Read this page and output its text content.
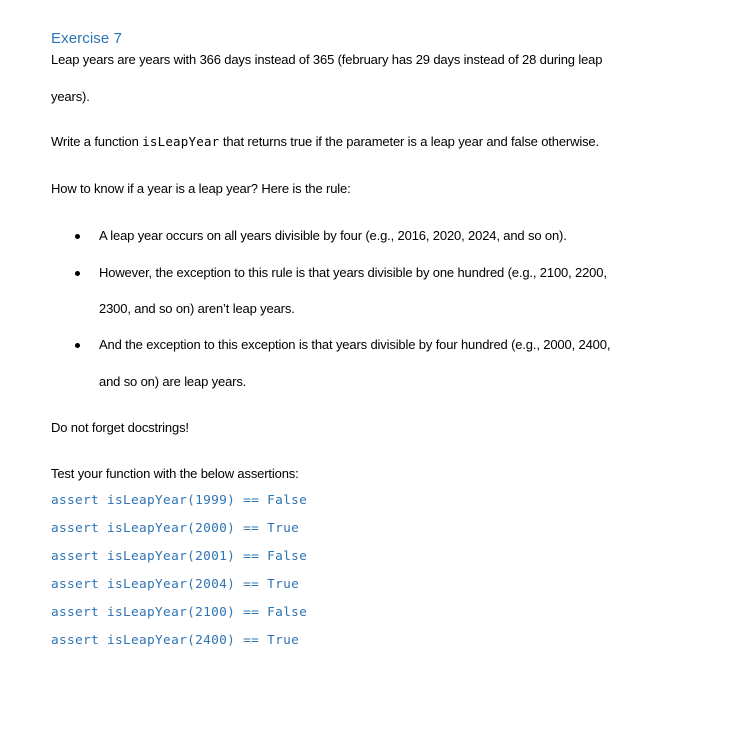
Exercise 7
Leap years are years with 366 days instead of 365 (february has 29 days instead of 28 during leap
years).
Write a function isLeapYear that returns true if the parameter is a leap year and false otherwise.
How to know if a year is a leap year? Here is the rule:
A leap year occurs on all years divisible by four (e.g., 2016, 2020, 2024, and so on).
However, the exception to this rule is that years divisible by one hundred (e.g., 2100, 2200,
2300, and so on) aren’t leap years.
And the exception to this exception is that years divisible by four hundred (e.g., 2000, 2400,
and so on) are leap years.
Do not forget docstrings!
Test your function with the below assertions:
assert isLeapYear(1999) == False
assert isLeapYear(2000) == True
assert isLeapYear(2001) == False
assert isLeapYear(2004) == True
assert isLeapYear(2100) == False
assert isLeapYear(2400) == True
